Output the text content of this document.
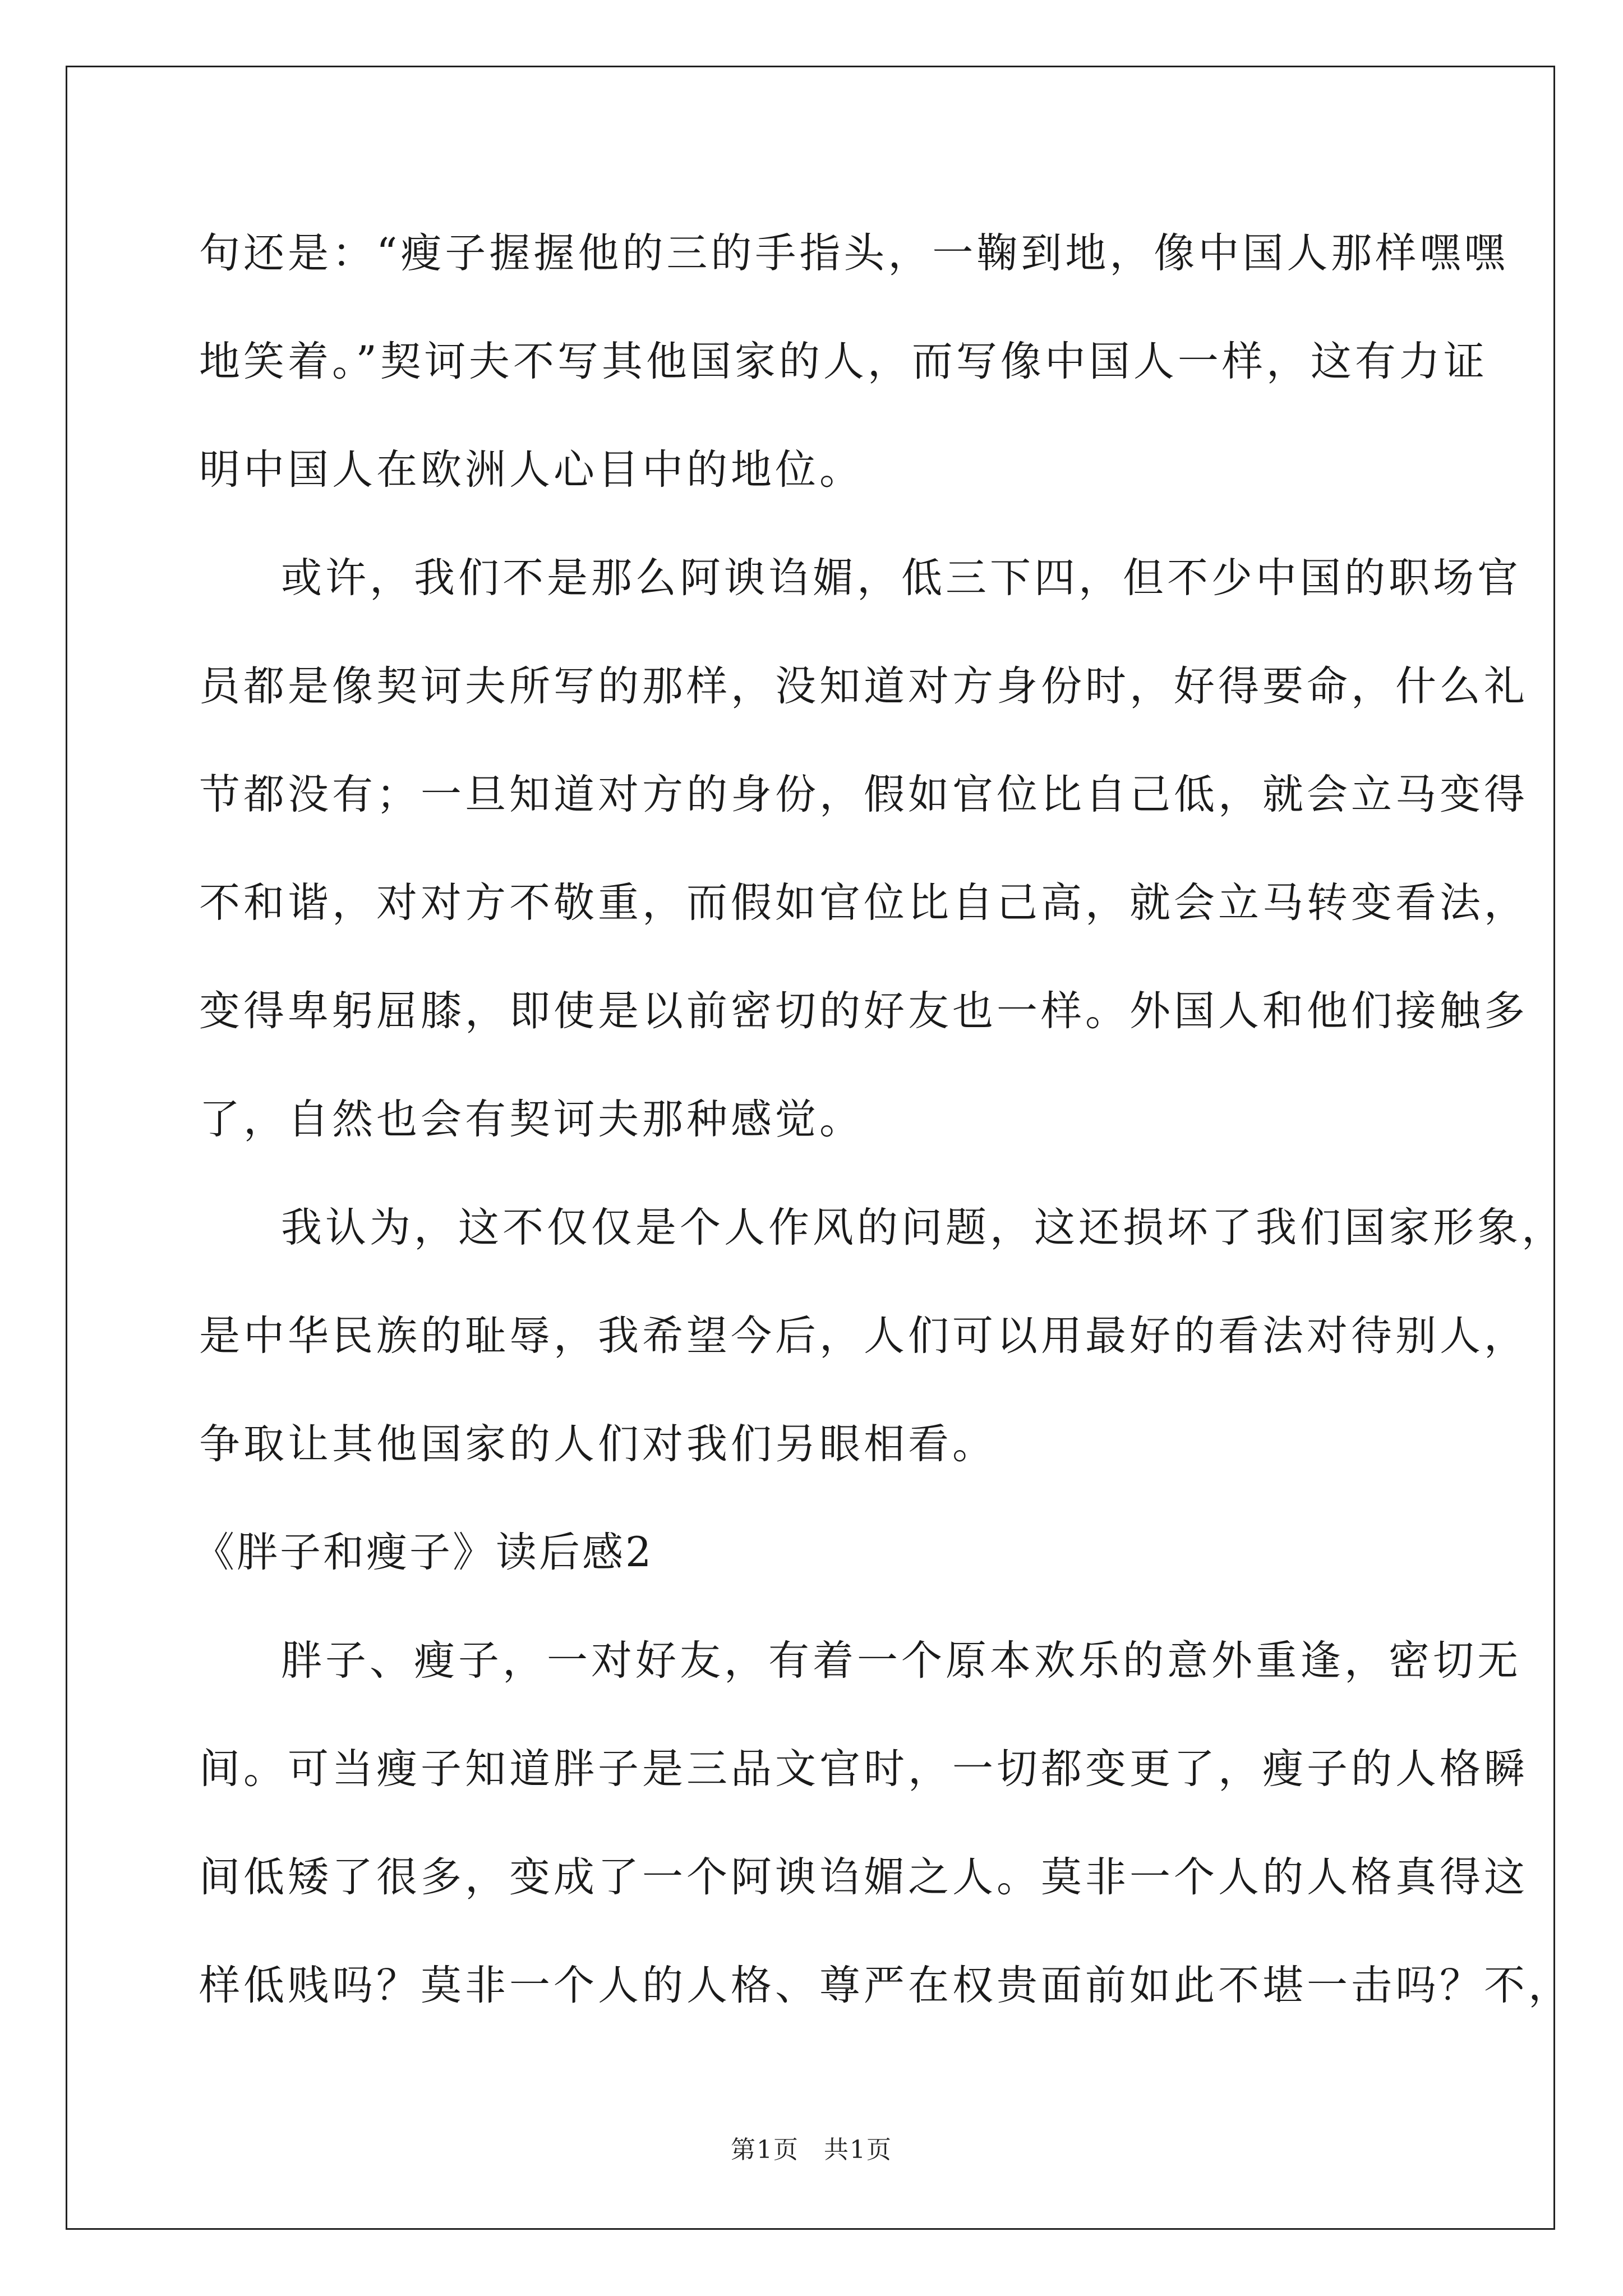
句还是：“瘦子握握他的三的手指头，一鞠到地，像中国人那样嘿嘿
地笑着。”契诃夫不写其他国家的人，而写像中国人一样，这有力证
明中国人在欧洲人心目中的地位。
或许，我们不是那么阿谀诌媚，低三下四，但不少中国的职场官
员都是像契诃夫所写的那样，没知道对方身份时，好得要命，什么礼
节都没有；一旦知道对方的身份，假如官位比自己低，就会立马变得
不和谐，对对方不敬重，而假如官位比自己高，就会立马转变看法，
变得卑躬屈膝，即使是以前密切的好友也一样。外国人和他们接触多
了，自然也会有契诃夫那种感觉。
我认为，这不仅仅是个人作风的问题，这还损坏了我们国家形象，
是中华民族的耻辱，我希望今后，人们可以用最好的看法对待别人，
争取让其他国家的人们对我们另眼相看。
《胖子和瘦子》读后感2
胖子、瘦子，一对好友，有着一个原本欢乐的意外重逢，密切无
间。可当瘦子知道胖子是三品文官时，一切都变更了，瘦子的人格瞬
间低矮了很多，变成了一个阿谀诌媚之人。莫非一个人的人格真得这
样低贱吗？莫非一个人的人格、尊严在权贵面前如此不堪一击吗？不，
第1页 共1页
